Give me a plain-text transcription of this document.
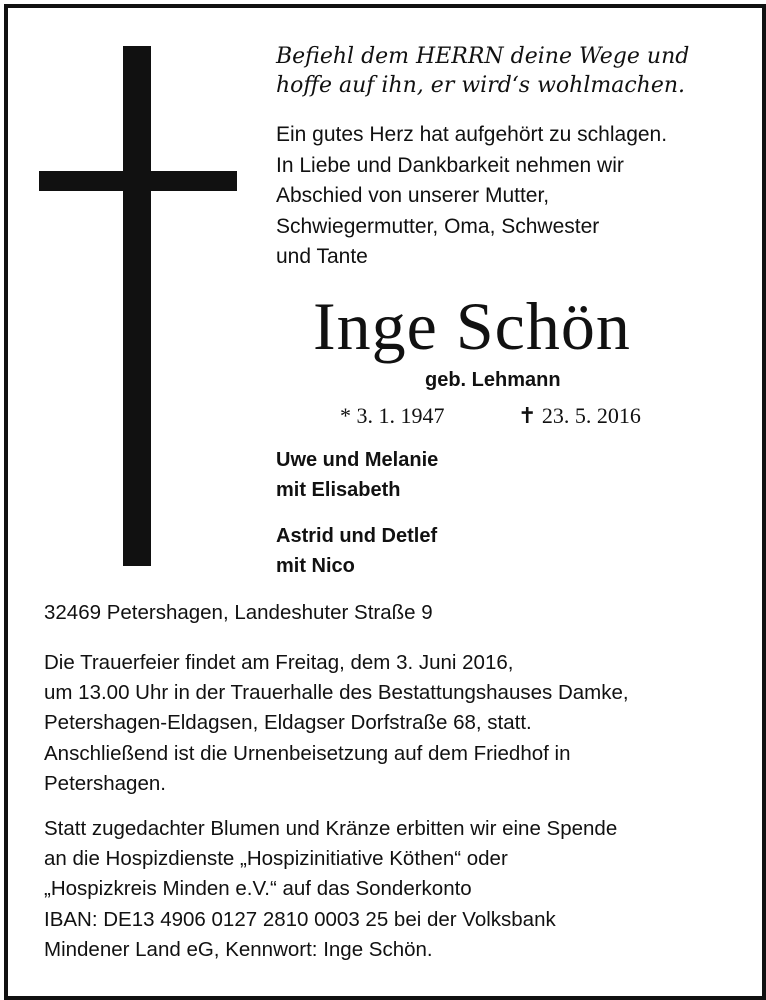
Befiehl dem HERRN deine Wege und
hoffe auf ihn, er wird‘s wohlmachen.
Ein gutes Herz hat aufgehört zu schlagen.
In Liebe und Dankbarkeit nehmen wir
Abschied von unserer Mutter,
Schwiegermutter, Oma, Schwester
und Tante
Inge Schön
geb. Lehmann
* 3. 1. 1947	✝ 23. 5. 2016
Uwe und Melanie
mit Elisabeth
Astrid und Detlef
mit Nico
32469 Petershagen, Landeshuter Straße 9
Die Trauerfeier findet am Freitag, dem 3. Juni 2016,
um 13.00 Uhr in der Trauerhalle des Bestattungshauses Damke,
Petershagen-Eldagsen, Eldagser Dorfstraße 68, statt.
Anschließend ist die Urnenbeisetzung auf dem Friedhof in
Petershagen.
Statt zugedachter Blumen und Kränze erbitten wir eine Spende
an die Hospizdienste „Hospizinitiative Köthen“ oder
„Hospizkreis Minden e.V.“ auf das Sonderkonto
IBAN: DE13 4906 0127 2810 0003 25 bei der Volksbank
Mindener Land eG, Kennwort: Inge Schön.
